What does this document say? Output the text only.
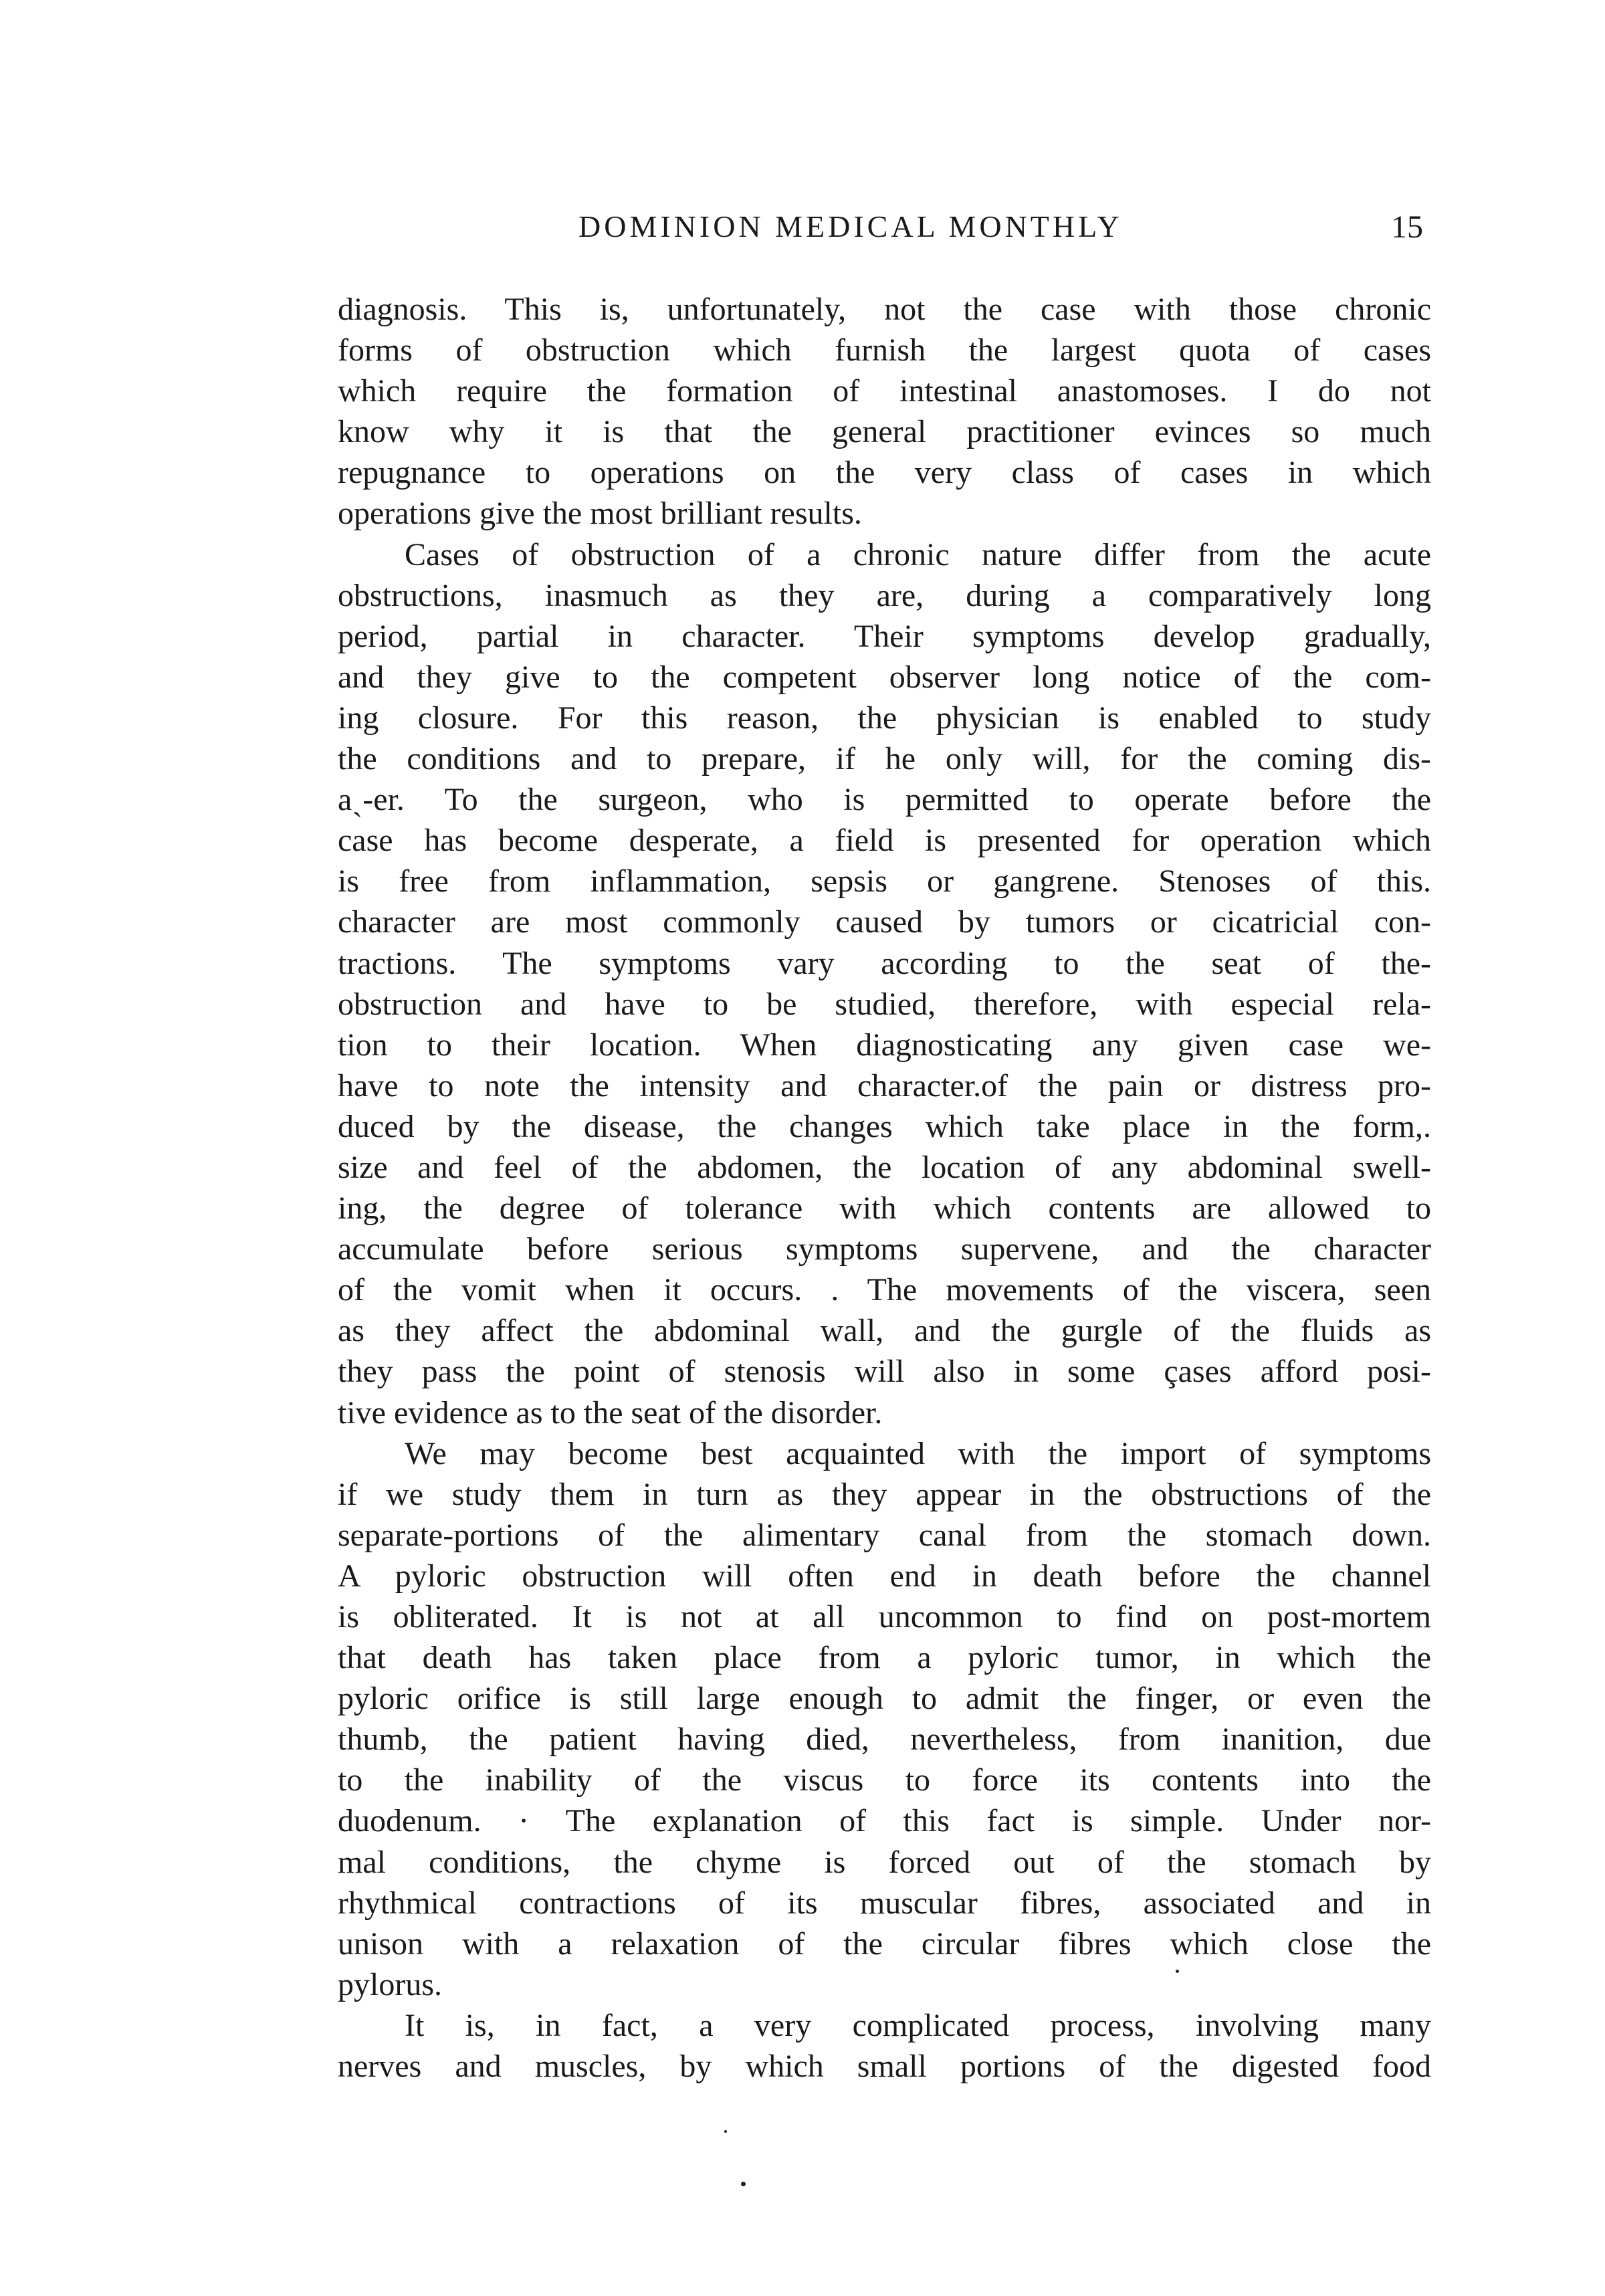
DOMINION MEDICAL MONTHLY	15
diagnosis. This is, unfortunately, not the case with those chronic
forms of obstruction which furnish the largest quota of cases
which require the formation of intestinal anastomoses. I do not
know why it is that the general practitioner evinces so much
repugnance to operations on the very class of cases in which
operations give the most brilliant results.
Cases of obstruction of a chronic nature differ from the acute
obstructions, inasmuch as they are, during a comparatively long
period, partial in character. Their symptoms develop gradually,
and they give to the competent observer long notice of the com-
ing closure. For this reason, the physician is enabled to study
the conditions and to prepare, if he only will, for the coming dis-
aˎ-er. To the surgeon, who is permitted to operate before the
case has become desperate, a field is presented for operation which
is free from inflammation, sepsis or gangrene. Stenoses of this.
character are most commonly caused by tumors or cicatricial con-
tractions. The symptoms vary according to the seat of the-
obstruction and have to be studied, therefore, with especial rela-
tion to their location. When diagnosticating any given case we-
have to note the intensity and character.of the pain or distress pro-
duced by the disease, the changes which take place in the form,.
size and feel of the abdomen, the location of any abdominal swell-
ing, the degree of tolerance with which contents are allowed to
accumulate before serious symptoms supervene, and the character
of the vomit when it occurs. . The movements of the viscera, seen
as they affect the abdominal wall, and the gurgle of the fluids as
they pass the point of stenosis will also in some çases afford posi-
tive evidence as to the seat of the disorder.
We may become best acquainted with the import of symptoms
if we study them in turn as they appear in the obstructions of the
separate-portions of the alimentary canal from the stomach down.
A pyloric obstruction will often end in death before the channel
is obliterated. It is not at all uncommon to find on post-mortem
that death has taken place from a pyloric tumor, in which the
pyloric orifice is still large enough to admit the finger, or even the
thumb, the patient having died, nevertheless, from inanition, due
to the inability of the viscus to force its contents into the
duodenum. · The explanation of this fact is simple. Under nor-
mal conditions, the chyme is forced out of the stomach by
rhythmical contractions of its muscular fibres, associated and in
unison with a relaxation of the circular fibres which close the
pylorus.
It is, in fact, a very complicated process, involving many
nerves and muscles, by which small portions of the digested food
